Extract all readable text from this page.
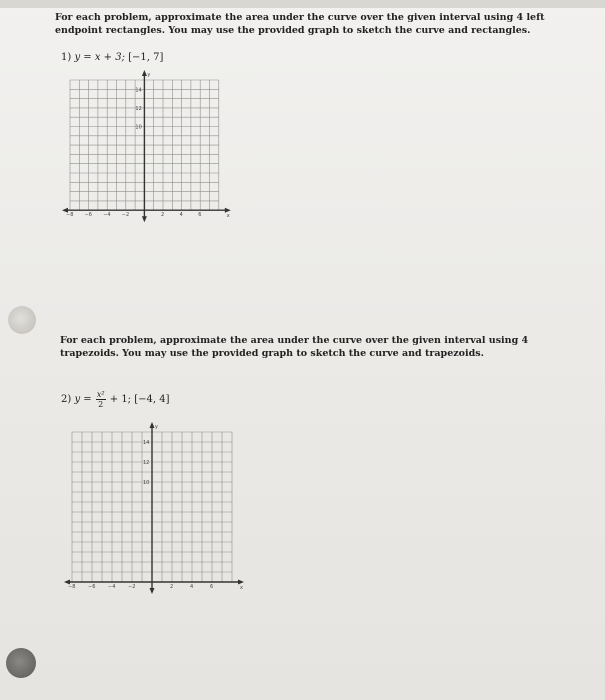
For each problem, approximate the area under the curve over the given interval using 4 left endpoint rectangles. You may use the provided graph to sketch the curve and rectangles.
1) y = x + 3; [−1, 7]
y
x
14
12
10
−8 −6 −4 −2	2	4	6
For each problem, approximate the area under the curve over the given interval using 4 trapezoids. You may use the provided graph to sketch the curve and trapezoids.
2) $y = \frac{\text{x²}}{2} + 1$; [−4, 4]
y
x
14
12
10
−8	−6	−4	−2	2	4	6
